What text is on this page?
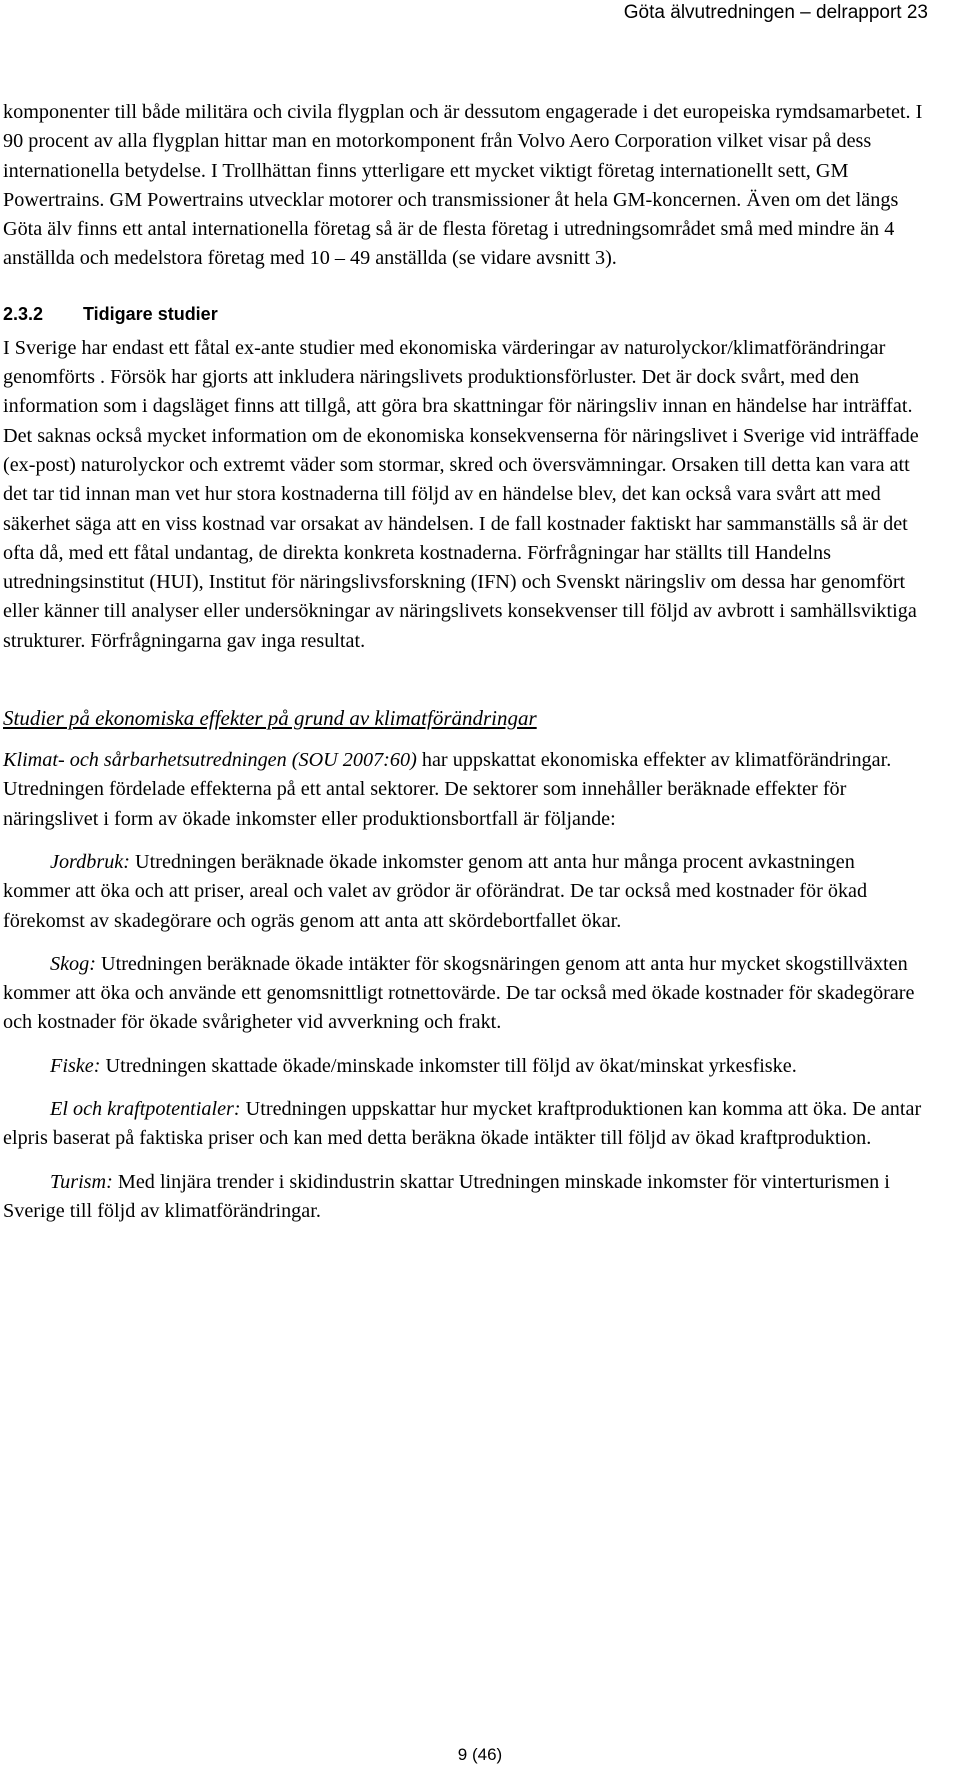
Göta älvutredningen – delrapport 23

komponenter till både militära och civila flygplan och är dessutom engagerade i det europeiska rymdsamarbetet. I 90 procent av alla flygplan hittar man en motorkomponent från Volvo Aero Corporation vilket visar på dess internationella betydelse. I Trollhättan finns ytterligare ett mycket viktigt företag internationellt sett, GM Powertrains. GM Powertrains utvecklar motorer och transmissioner åt hela GM-koncernen. Även om det längs Göta älv finns ett antal internationella företag så är de flesta företag i utredningsområdet små med mindre än 4 anställda och medelstora företag med 10 – 49 anställda (se vidare avsnitt 3).

2.3.2	Tidigare studier

I Sverige har endast ett fåtal ex-ante studier med ekonomiska värderingar av naturolyckor/klimatförändringar genomförts . Försök har gjorts att inkludera näringslivets produktionsförluster. Det är dock svårt, med den information som i dagsläget finns att tillgå, att göra bra skattningar för näringsliv innan en händelse har inträffat. Det saknas också mycket information om de ekonomiska konsekvenserna för näringslivet i Sverige vid inträffade (ex-post) naturolyckor och extremt väder som stormar, skred och översvämningar. Orsaken till detta kan vara att det tar tid innan man vet hur stora kostnaderna till följd av en händelse blev, det kan också vara svårt att med säkerhet säga att en viss kostnad var orsakat av händelsen. I de fall kostnader faktiskt har sammanställs så är det ofta då, med ett fåtal undantag, de direkta konkreta kostnaderna. Förfrågningar har ställts till Handelns utredningsinstitut (HUI), Institut för näringslivsforskning (IFN) och Svenskt näringsliv om dessa har genomfört eller känner till analyser eller undersökningar av näringslivets konsekvenser till följd av avbrott i samhällsviktiga strukturer. Förfrågningarna gav inga resultat.

Studier på ekonomiska effekter på grund av klimatförändringar

Klimat- och sårbarhetsutredningen (SOU 2007:60) har uppskattat ekonomiska effekter av klimatförändringar. Utredningen fördelade effekterna på ett antal sektorer. De sektorer som innehåller beräknade effekter för näringslivet i form av ökade inkomster eller produktionsbortfall är följande:

Jordbruk: Utredningen beräknade ökade inkomster genom att anta hur många procent avkastningen kommer att öka och att priser, areal och valet av grödor är oförändrat. De tar också med kostnader för ökad förekomst av skadegörare och ogräs genom att anta att skördebortfallet ökar.

Skog: Utredningen beräknade ökade intäkter för skogsnäringen genom att anta hur mycket skogstillväxten kommer att öka och använde ett genomsnittligt rotnettovärde. De tar också med ökade kostnader för skadegörare och kostnader för ökade svårigheter vid avverkning och frakt.

Fiske: Utredningen skattade ökade/minskade inkomster till följd av ökat/minskat yrkesfiske.

El och kraftpotentialer: Utredningen uppskattar hur mycket kraftproduktionen kan komma att öka. De antar elpris baserat på faktiska priser och kan med detta beräkna ökade intäkter till följd av ökad kraftproduktion.

Turism: Med linjära trender i skidindustrin skattar Utredningen minskade inkomster för vinterturismen i Sverige till följd av klimatförändringar.

9 (46)
